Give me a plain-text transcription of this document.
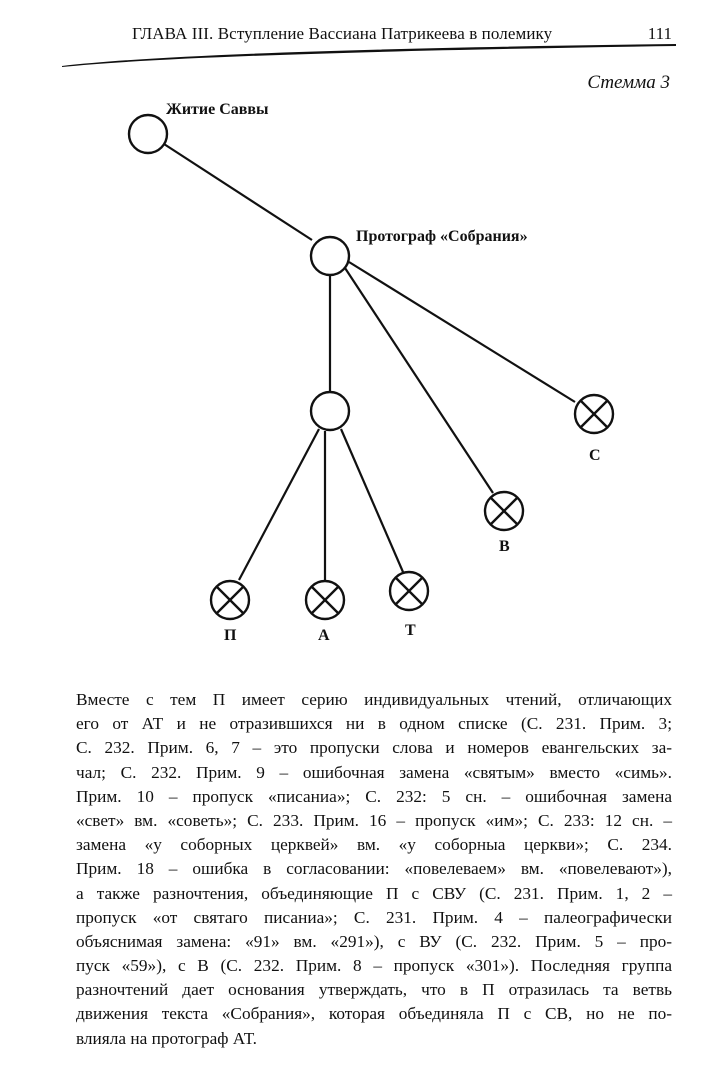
ГЛАВА III. Вступление Вассиана Патрикеева в полемику	111
Стемма 3
Житие Саввы
Протограф «Собрания»
С
В
П	А	Т
Вместе с тем П имеет серию индивидуальных чтений, отличающих
его от АТ и не отразившихся ни в одном списке (С. 231. Прим. 3;
С. 232. Прим. 6, 7 – это пропуски слова и номеров евангельских за-
чал; С. 232. Прим. 9 – ошибочная замена «святым» вместо «симь».
Прим. 10 – пропуск «писаниа»; С. 232: 5 сн. – ошибочная замена
«свет» вм. «советь»; С. 233. Прим. 16 – пропуск «им»; С. 233: 12 сн. –
замена «у соборных церквей» вм. «у соборныа церкви»; С. 234.
Прим. 18 – ошибка в согласовании: «повелеваем» вм. «повелевают»),
а также разночтения, объединяющие П с СВУ (С. 231. Прим. 1, 2 –
пропуск «от святаго писаниа»; С. 231. Прим. 4 – палеографически
объяснимая замена: «91» вм. «291»), с ВУ (С. 232. Прим. 5 – про-
пуск «59»), с В (С. 232. Прим. 8 – пропуск «301»). Последняя группа
разночтений дает основания утверждать, что в П отразилась та ветвь
движения текста «Собрания», которая объединяла П с СВ, но не по-
влияла на протограф АТ.
